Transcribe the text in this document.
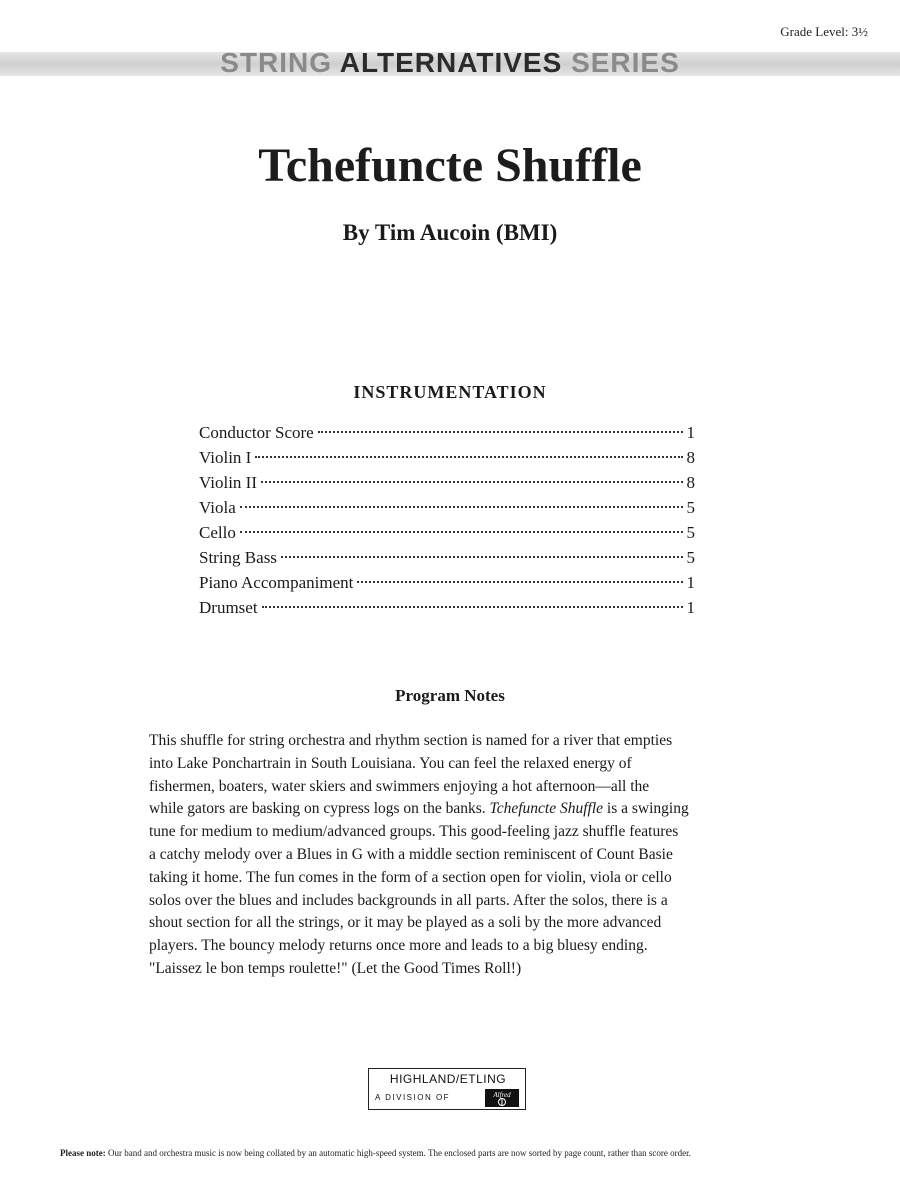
Grade Level: 3½
STRING ALTERNATIVES SERIES
Tchefuncte Shuffle
By Tim Aucoin (BMI)
INSTRUMENTATION
Conductor Score	1
Violin I	8
Violin II	8
Viola	5
Cello	5
String Bass	5
Piano Accompaniment	1
Drumset	1
Program Notes

This shuffle for string orchestra and rhythm section is named for a river that empties
into Lake Ponchartrain in South Louisiana. You can feel the relaxed energy of
fishermen, boaters, water skiers and swimmers enjoying a hot afternoon—all the
while gators are basking on cypress logs on the banks. Tchefuncte Shuffle is a swinging
tune for medium to medium/advanced groups. This good-feeling jazz shuffle features
a catchy melody over a Blues in G with a middle section reminiscent of Count Basie
taking it home. The fun comes in the form of a section open for violin, viola or cello
solos over the blues and includes backgrounds in all parts. After the solos, there is a
shout section for all the strings, or it may be played as a soli by the more advanced
players. The bouncy melody returns once more and leads to a big bluesy ending.
"Laissez le bon temps roulette!" (Let the Good Times Roll!)

HIGHLAND/ETLING
A DIVISION OF	Alfred
Please note: Our band and orchestra music is now being collated by an automatic high-speed system. The enclosed parts are now sorted by page count, rather than score order.
